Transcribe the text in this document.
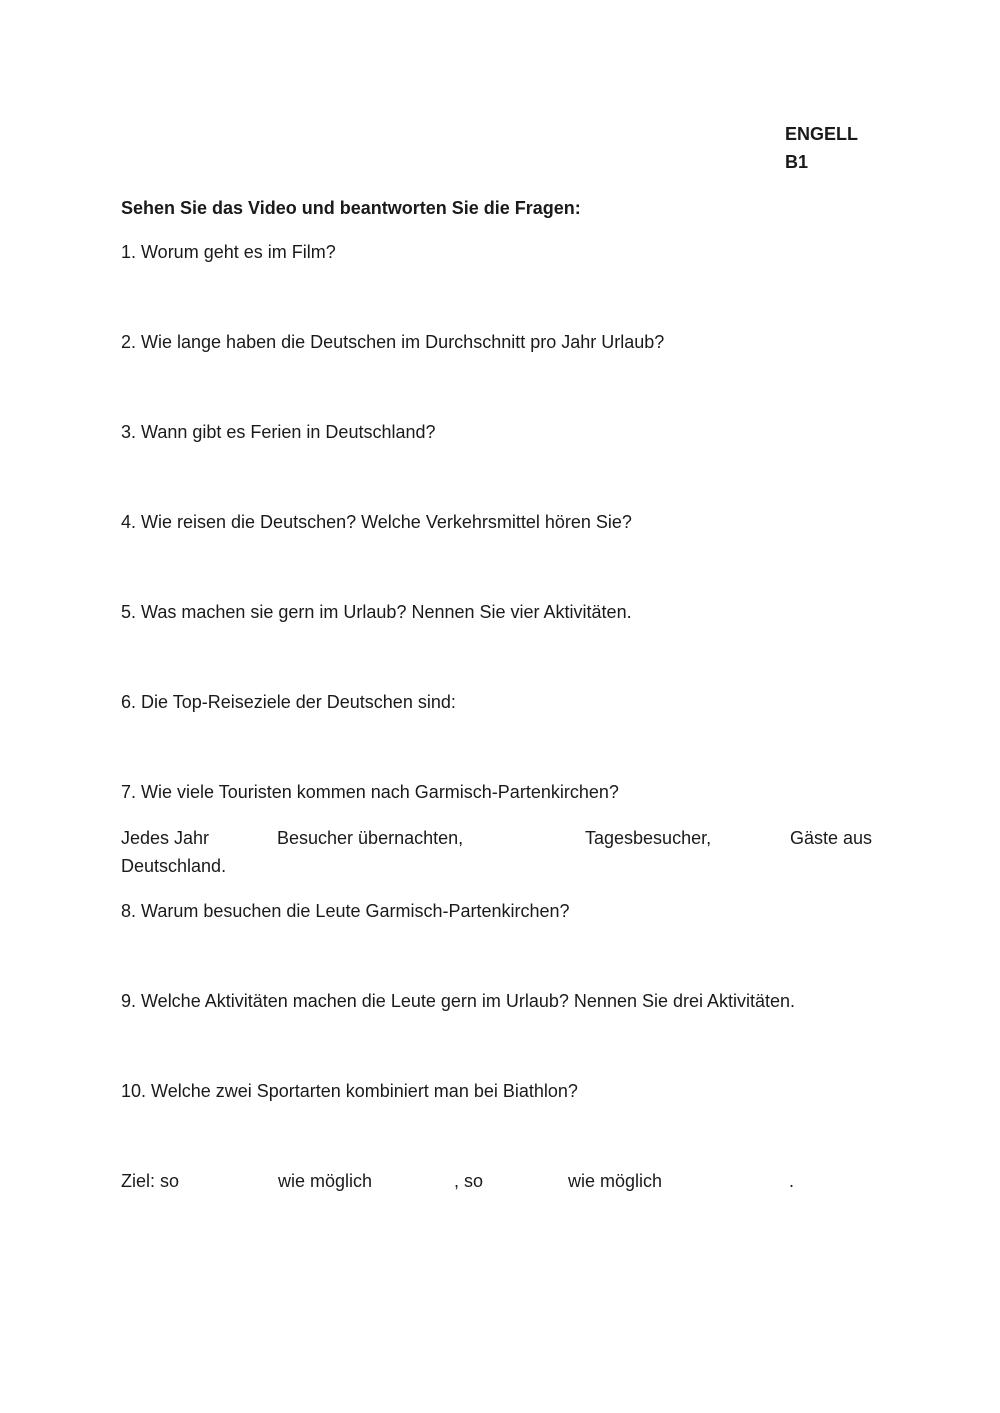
ENGELL
B1
Sehen Sie das Video und beantworten Sie die Fragen:
1. Worum geht es im Film?
2. Wie lange haben die Deutschen im Durchschnitt pro Jahr Urlaub?
3. Wann gibt es Ferien in Deutschland?
4. Wie reisen die Deutschen? Welche Verkehrsmittel hören Sie?
5. Was machen sie gern im Urlaub? Nennen Sie vier Aktivitäten.
6. Die Top-Reiseziele der Deutschen sind:
7. Wie viele Touristen kommen nach Garmisch-Partenkirchen?
Jedes Jahr	Besucher übernachten,	Tagesbesucher,	Gäste aus
Deutschland.
8. Warum besuchen die Leute Garmisch-Partenkirchen?
9. Welche Aktivitäten machen die Leute gern im Urlaub? Nennen Sie drei Aktivitäten.
10. Welche zwei Sportarten kombiniert man bei Biathlon?
Ziel: so	wie möglich	, so	wie möglich	.
